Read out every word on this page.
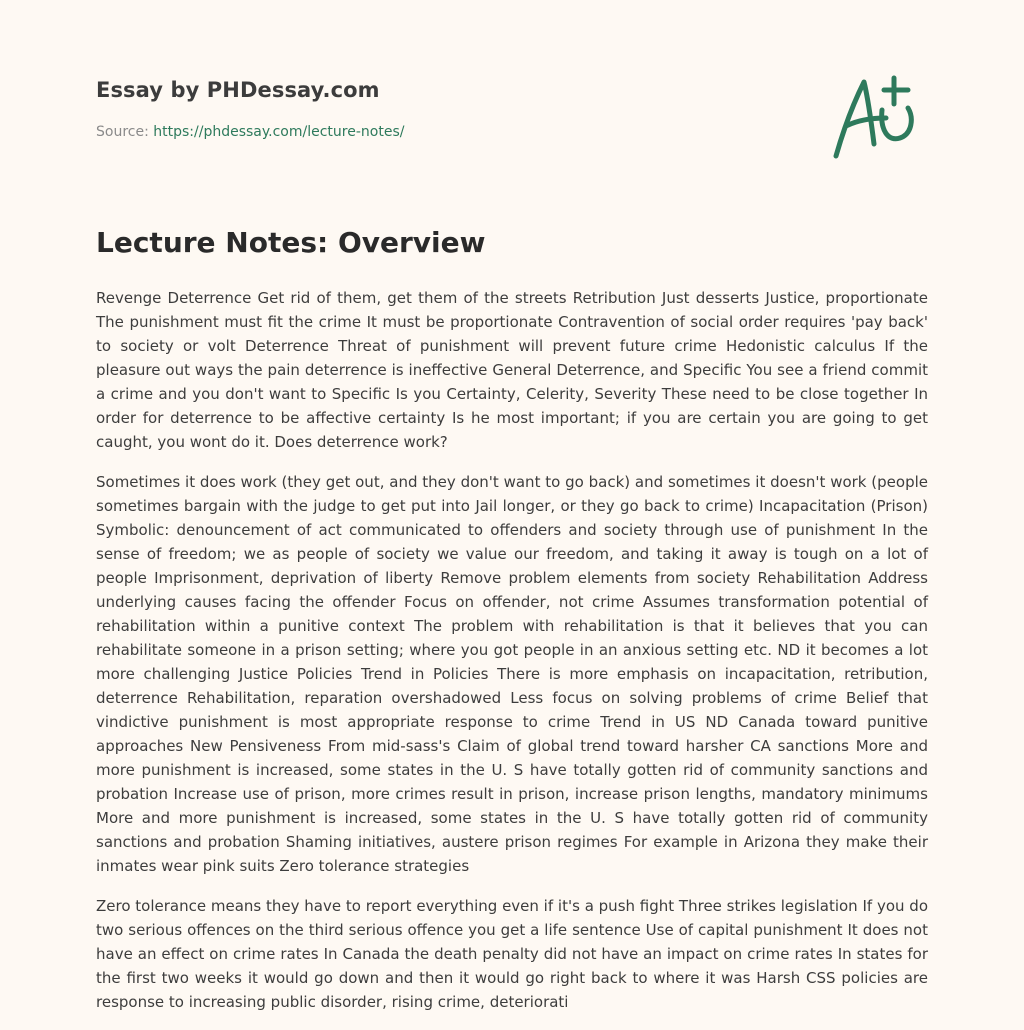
Essay by PHDessay.com
Source: https://phdessay.com/lecture-notes/
Lecture Notes: Overview

Revenge Deterrence Get rid of them, get them of the streets Retribution Just desserts Justice, proportionate The punishment must fit the crime It must be proportionate Contravention of social order requires 'pay back' to society or volt Deterrence Threat of punishment will prevent future crime Hedonistic calculus If the pleasure out ways the pain deterrence is ineffective General Deterrence, and Specific You see a friend commit a crime and you don't want to Specific Is you Certainty, Celerity, Severity These need to be close together In order for deterrence to be affective certainty Is he most important; if you are certain you are going to get caught, you wont do it. Does deterrence work?

Sometimes it does work (they get out, and they don't want to go back) and sometimes it doesn't work (people sometimes bargain with the judge to get put into Jail longer, or they go back to crime) Incapacitation (Prison) Symbolic: denouncement of act communicated to offenders and society through use of punishment In the sense of freedom; we as people of society we value our freedom, and taking it away is tough on a lot of people Imprisonment, deprivation of liberty Remove problem elements from society Rehabilitation Address underlying causes facing the offender Focus on offender, not crime Assumes transformation potential of rehabilitation within a punitive context The problem with rehabilitation is that it believes that you can rehabilitate someone in a prison setting; where you got people in an anxious setting etc. ND it becomes a lot more challenging Justice Policies Trend in Policies There is more emphasis on incapacitation, retribution, deterrence Rehabilitation, reparation overshadowed Less focus on solving problems of crime Belief that vindictive punishment is most appropriate response to crime Trend in US ND Canada toward punitive approaches New Pensiveness From mid-sass's Claim of global trend toward harsher CA sanctions More and more punishment is increased, some states in the U. S have totally gotten rid of community sanctions and probation Increase use of prison, more crimes result in prison, increase prison lengths, mandatory minimums More and more punishment is increased, some states in the U. S have totally gotten rid of community sanctions and probation Shaming initiatives, austere prison regimes For example in Arizona they make their inmates wear pink suits Zero tolerance strategies

Zero tolerance means they have to report everything even if it's a push fight Three strikes legislation If you do two serious offences on the third serious offence you get a life sentence Use of capital punishment It does not have an effect on crime rates In Canada the death penalty did not have an impact on crime rates In states for the first two weeks it would go down and then it would go right back to where it was Harsh CSS policies are response to increasing public disorder, rising crime, deteriorati
